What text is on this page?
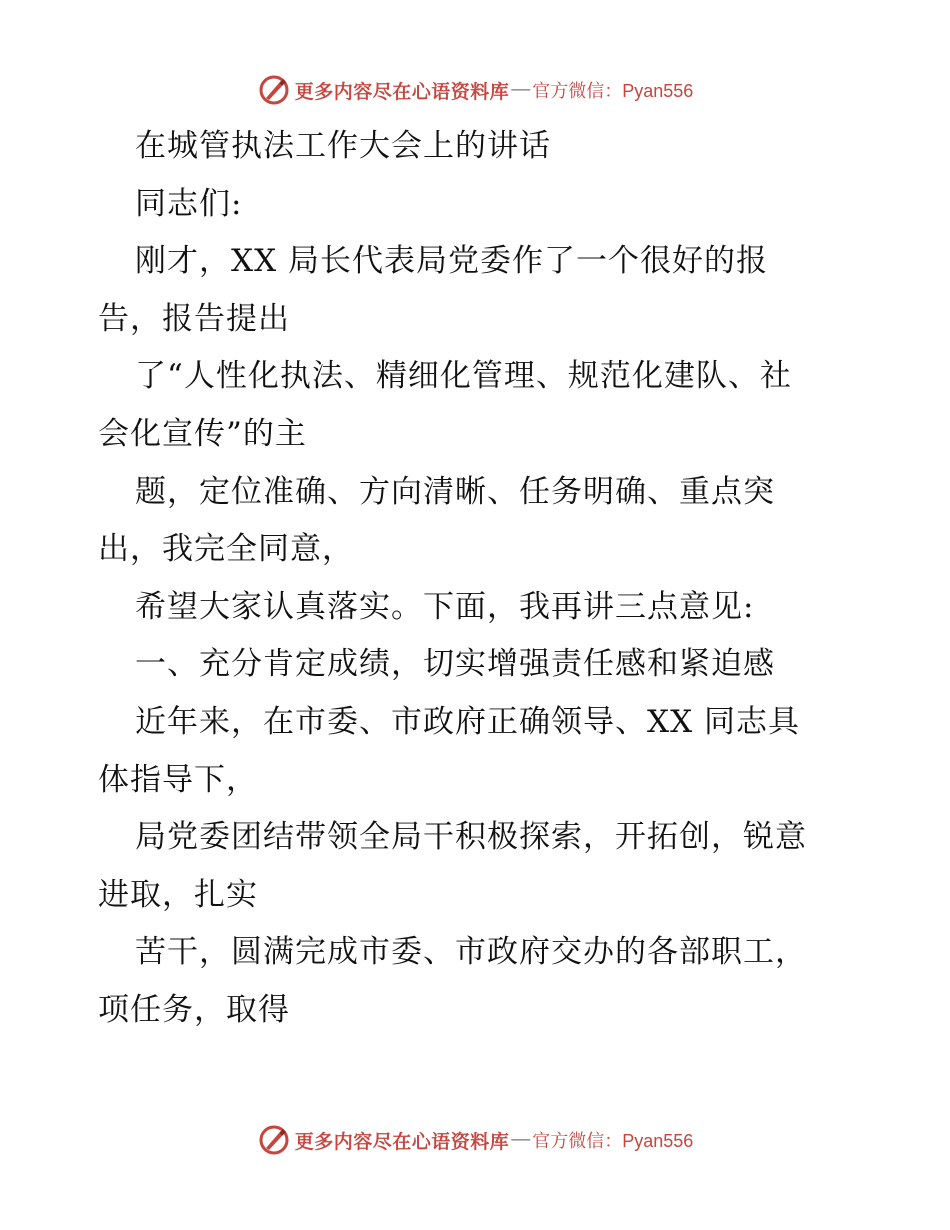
更多内容尽在心语资料库 — 官方微信：Pyan556
在城管执法工作大会上的讲话
同志们:
刚才，XX 局长代表局党委作了一个很好的报
告，报告提出
了“人性化执法、精细化管理、规范化建队、社
会化宣传”的主
题，定位准确、方向清晰、任务明确、重点突
出，我完全同意，
希望大家认真落实。下面，我再讲三点意见:
一、充分肯定成绩，切实增强责任感和紧迫感
近年来，在市委、市政府正确领导、XX 同志具
体指导下，
局党委团结带领全局干积极探索，开拓创，锐意
进取，扎实
苦干，圆满完成市委、市政府交办的各部职工，
项任务，取得
更多内容尽在心语资料库 — 官方微信：Pyan556
